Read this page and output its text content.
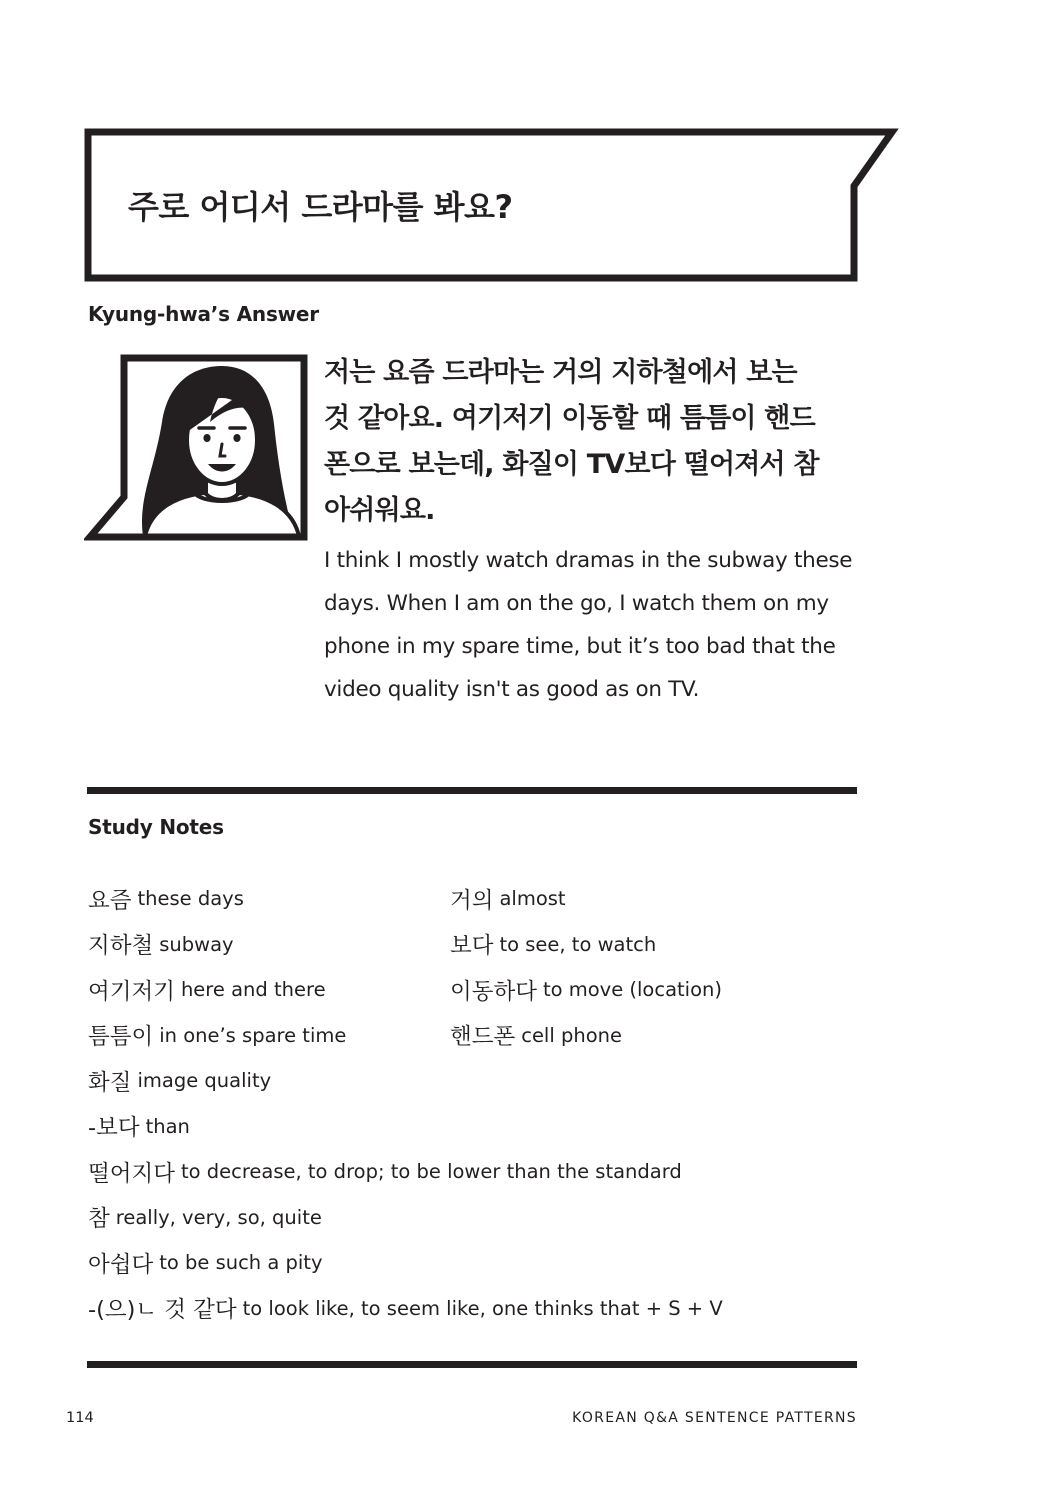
주로 어디서 드라마를 봐요?
Kyung-hwa’s Answer
저는 요즘 드라마는 거의 지하철에서 보는
것 같아요. 여기저기 이동할 때 틈틈이 핸드
폰으로 보는데, 화질이 TV보다 떨어져서 참
아쉬워요.
I think I mostly watch dramas in the subway these
days. When I am on the go, I watch them on my
phone in my spare time, but it’s too bad that the
video quality isn't as good as on TV.
Study Notes
요즘 these days
지하철 subway
여기저기 here and there
틈틈이 in one’s spare time
화질 image quality
-보다 than
떨어지다 to decrease, to drop; to be lower than the standard
참 really, very, so, quite
아쉽다 to be such a pity
-(으)ㄴ 것 같다 to look like, to seem like, one thinks that + S + V
거의 almost
보다 to see, to watch
이동하다 to move (location)
핸드폰 cell phone
114	KOREAN Q&A SENTENCE PATTERNS
